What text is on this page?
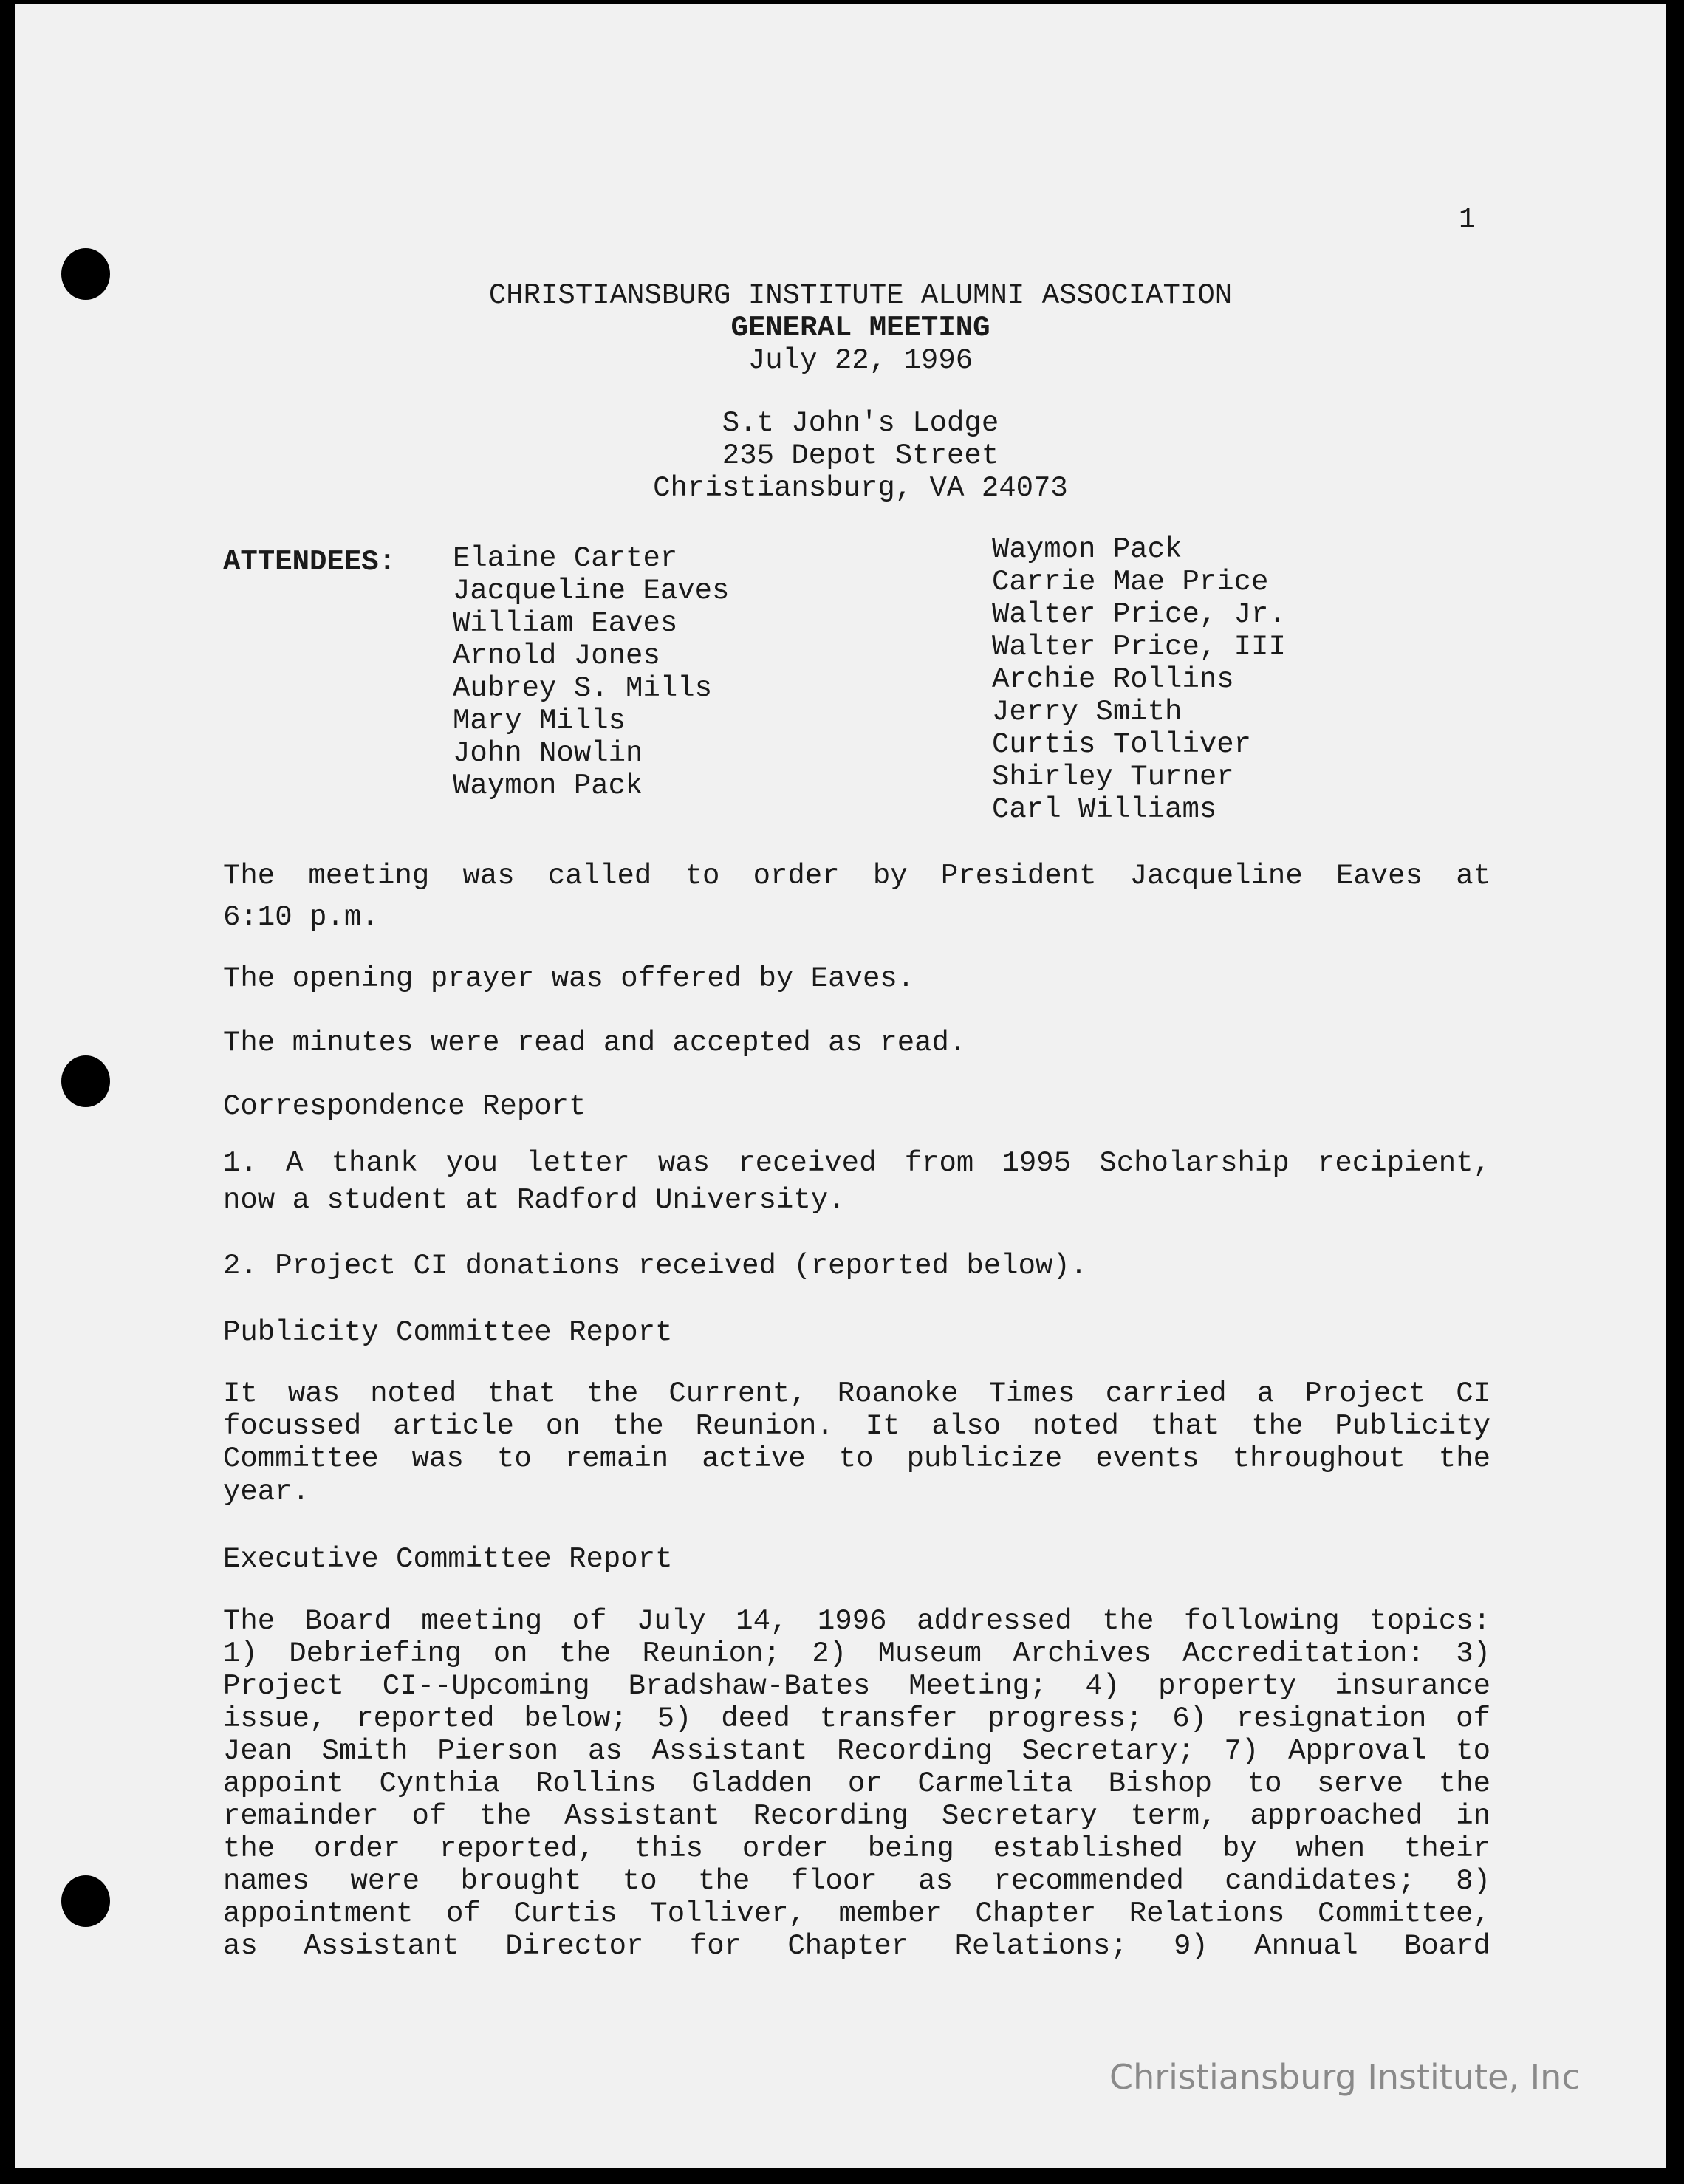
1
CHRISTIANSBURG INSTITUTE ALUMNI ASSOCIATION
GENERAL MEETING
July 22, 1996
S.t John's Lodge
235 Depot Street
Christiansburg, VA 24073
ATTENDEES: Elaine Carter
Jacqueline Eaves
William Eaves
Arnold Jones
Aubrey S. Mills
Mary Mills
John Nowlin
Waymon Pack
Waymon Pack
Carrie Mae Price
Walter Price, Jr.
Walter Price, III
Archie Rollins
Jerry Smith
Curtis Tolliver
Shirley Turner
Carl Williams
The meeting was called to order by President Jacqueline Eaves at
6:10 p.m.
The opening prayer was offered by Eaves.
The minutes were read and accepted as read.
Correspondence Report
1. A thank you letter was received from 1995 Scholarship recipient,
now a student at Radford University.
2. Project CI donations received (reported below).
Publicity Committee Report
It was noted that the Current, Roanoke Times carried a Project CI
focussed article on the Reunion. It also noted that the Publicity
Committee was to remain active to publicize events throughout the
year.
Executive Committee Report
The Board meeting of July 14, 1996 addressed the following topics:
1) Debriefing on the Reunion; 2) Museum Archives Accreditation: 3)
Project CI--Upcoming Bradshaw-Bates Meeting; 4) property insurance
issue, reported below; 5) deed transfer progress; 6) resignation of
Jean Smith Pierson as Assistant Recording Secretary; 7) Approval to
appoint Cynthia Rollins Gladden or Carmelita Bishop to serve the
remainder of the Assistant Recording Secretary term, approached in
the order reported, this order being established by when their
names were brought to the floor as recommended candidates; 8)
appointment of Curtis Tolliver, member Chapter Relations Committee,
as Assistant Director for Chapter Relations; 9) Annual Board
Christiansburg Institute, Inc
